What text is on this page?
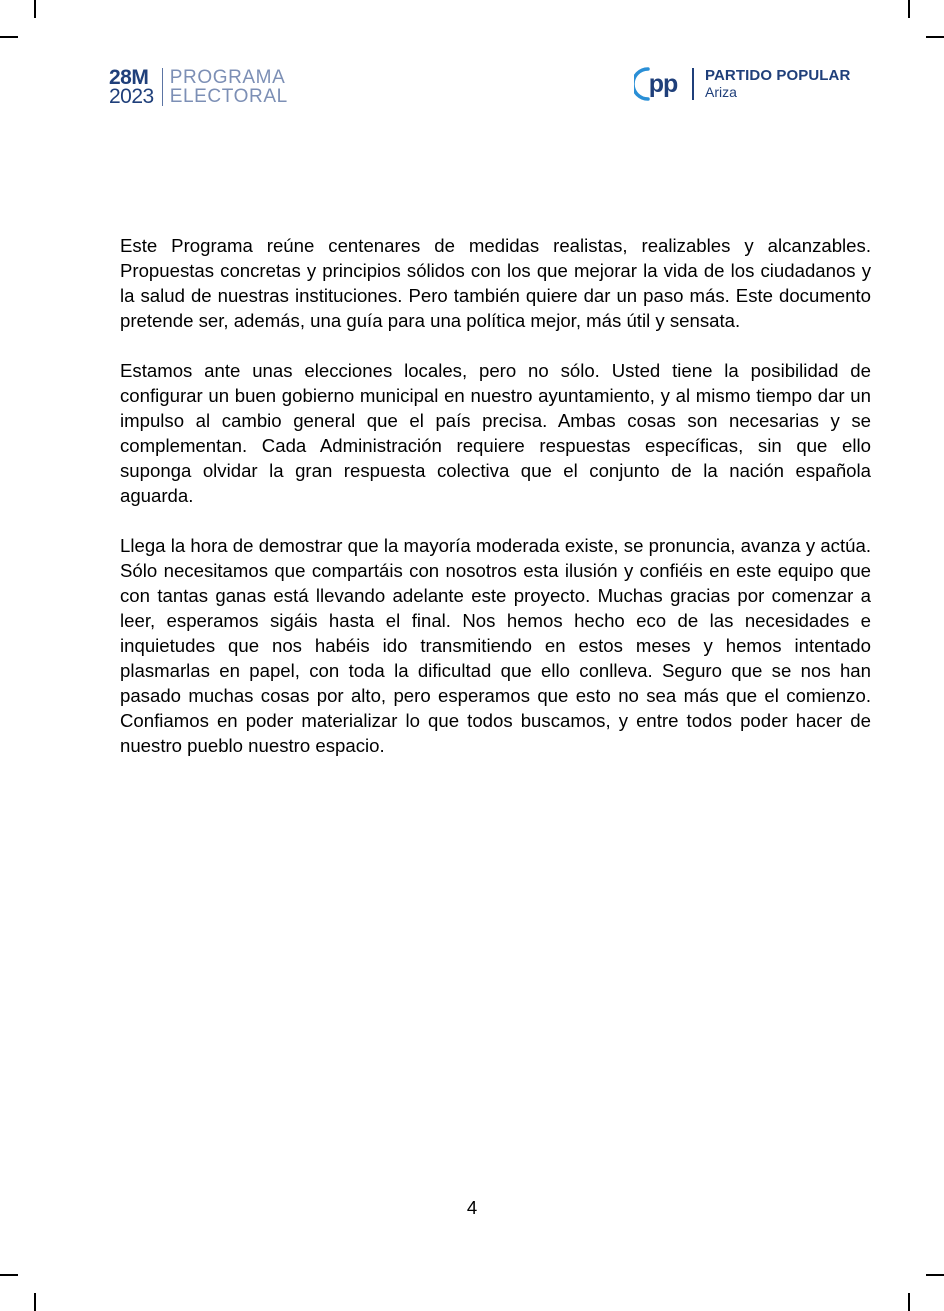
28M
2023
PROGRAMA
ELECTORAL	pp PARTIDO POPULAR
Ariza

Este Programa reúne centenares de medidas realistas, realizables y alcanzables. Propuestas concretas y principios sólidos con los que mejorar la vida de los ciudadanos y la salud de nuestras instituciones. Pero también quiere dar un paso más. Este documento pretende ser, además, una guía para una política mejor, más útil y sensata.

Estamos ante unas elecciones locales, pero no sólo. Usted tiene la posibilidad de configurar un buen gobierno municipal en nuestro ayuntamiento, y al mismo tiempo dar un impulso al cambio general que el país precisa. Ambas cosas son necesarias y se complementan. Cada Administración requiere respuestas específicas, sin que ello suponga olvidar la gran respuesta colectiva que el conjunto de la nación española aguarda.

Llega la hora de demostrar que la mayoría moderada existe, se pronuncia, avanza y actúa. Sólo necesitamos que compartáis con nosotros esta ilusión y confiéis en este equipo que con tantas ganas está llevando adelante este proyecto. Muchas gracias por comenzar a leer, esperamos sigáis hasta el final. Nos hemos hecho eco de las necesidades e inquietudes que nos habéis ido transmitiendo en estos meses y hemos intentado plasmarlas en papel, con toda la dificultad que ello conlleva. Seguro que se nos han pasado muchas cosas por alto, pero esperamos que esto no sea más que el comienzo. Confiamos en poder materializar lo que todos buscamos, y entre todos poder hacer de nuestro pueblo nuestro espacio.

4
